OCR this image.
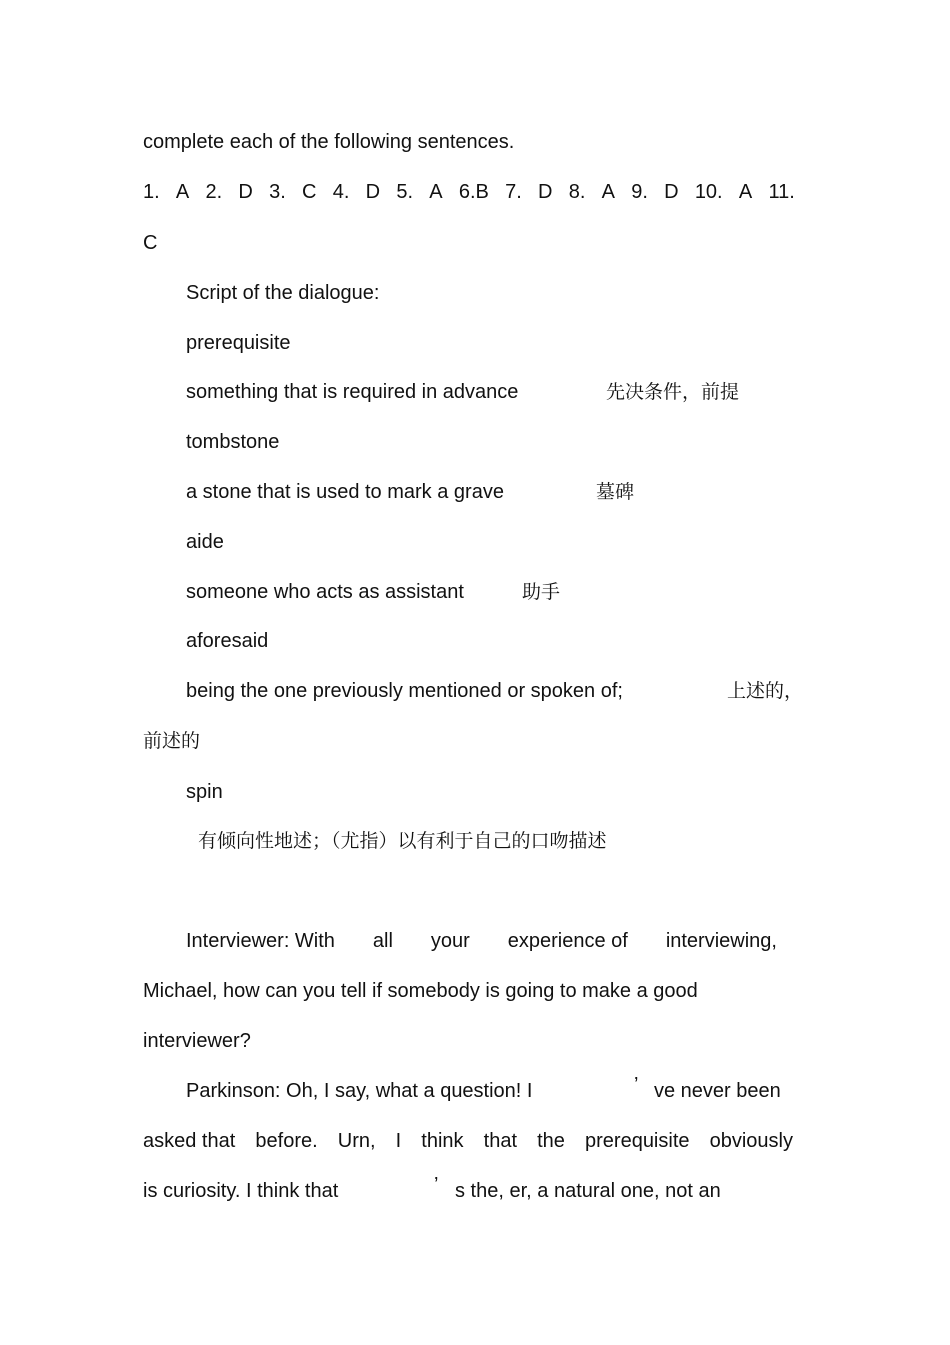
complete each of the following sentences.
1. A 2. D 3. C 4. D 5. A 6.B 7. D 8. A 9. D 10. A 11.
C
Script of the dialogue:
prerequisite
something that is required in advance	先决条件，前提
tombstone
a stone that is used to mark a grave	墓碑
aide
someone who acts as assistant	助手
aforesaid
being the one previously mentioned or spoken of;	上述的，
前述的
spin
有倾向性地述；（尤指）以有利于自己的口吻描述
Interviewer: With all your experience of interviewing,
Michael, how can you tell if somebody is going to make a good
interviewer?
Parkinson: Oh, I say, what a question! I	’ ve never been
asked that before. Urn, I think that the prerequisite obviously
is curiosity. I think that	’ s the, er, a natural one, not an
